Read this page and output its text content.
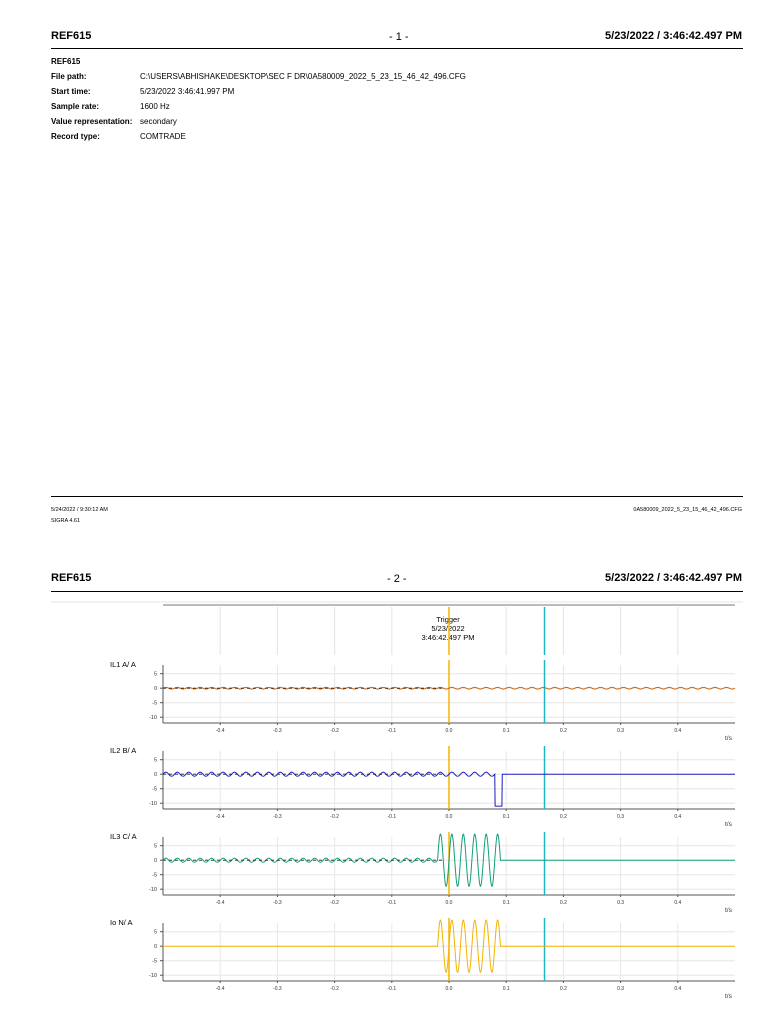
REF615	- 1 -	5/23/2022 / 3:46:42.497 PM
REF615
File path:	C:\USERS\ABHISHAKE\DESKTOP\SEC F DR\0A580009_2022_5_23_15_46_42_496.CFG
Start time:	5/23/2022 3:46:41.997 PM
Sample rate:	1600 Hz
Value representation: secondary
Record type:	COMTRADE
5/24/2022 / 9:30:12 AM
SIGRA 4.61
0A580009_2022_5_23_15_46_42_496.CFG
REF615	- 2 -	5/23/2022 / 3:46:42.497 PM
Trigger
5/23/2022
3:46:42.497 PM
IL1 A/ A
5
0
-5
-10
-0.4	-0.3	-0.2	-0.1	0.0	0.1	0.2	0.3	0.4
t/s
IL2 B/ A
5
0
-5
-10
-0.4	-0.3	-0.2	-0.1	0.0	0.1	0.2	0.3	0.4
t/s
IL3 C/ A
5
0
-5
-10
-0.4	-0.3	-0.2	-0.1	0.0	0.1	0.2	0.3	0.4
t/s
Io N/ A
5
0
-5
-10
-0.4	-0.3	-0.2	-0.1	0.0	0.1	0.2	0.3	0.4
t/s
